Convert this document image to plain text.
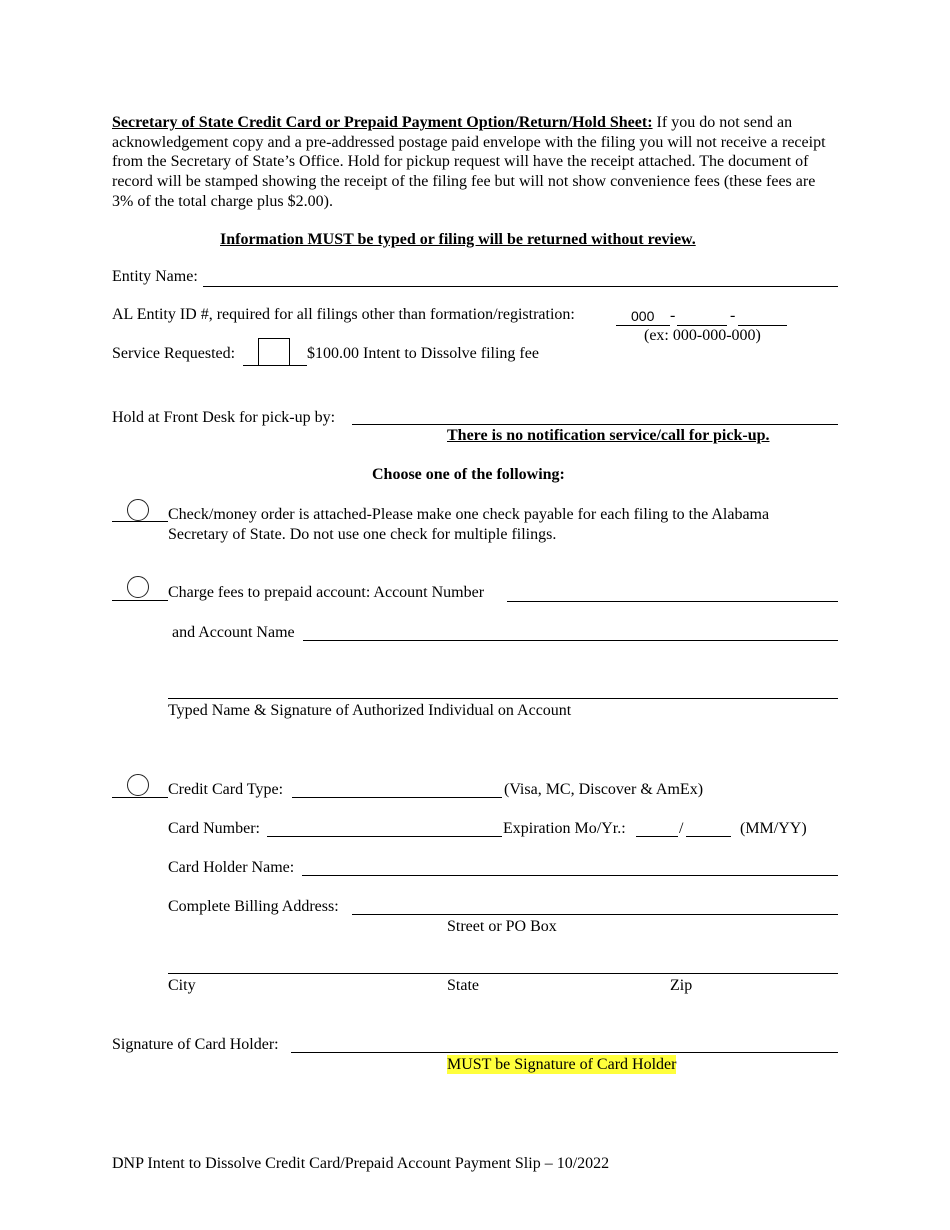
Secretary of State Credit Card or Prepaid Payment Option/Return/Hold Sheet: If you do not send an acknowledgement copy and a pre-addressed postage paid envelope with the filing you will not receive a receipt from the Secretary of State’s Office. Hold for pickup request will have the receipt attached. The document of record will be stamped showing the receipt of the filing fee but will not show convenience fees (these fees are 3% of the total charge plus $2.00).
Information MUST be typed or filing will be returned without review.
Entity Name:
AL Entity ID #, required for all filings other than formation/registration:	000 -	-
(ex: 000-000-000)
Service Requested:	$100.00 Intent to Dissolve filing fee
Hold at Front Desk for pick-up by:
There is no notification service/call for pick-up.
Choose one of the following:
Check/money order is attached-Please make one check payable for each filing to the Alabama
Secretary of State. Do not use one check for multiple filings.
Charge fees to prepaid account: Account Number
and Account Name
Typed Name & Signature of Authorized Individual on Account
Credit Card Type:	(Visa, MC, Discover & AmEx)
Card Number:	Expiration Mo/Yr.:	/	(MM/YY)
Card Holder Name:
Complete Billing Address:
Street or PO Box
City	State	Zip
Signature of Card Holder:
MUST be Signature of Card Holder
DNP Intent to Dissolve Credit Card/Prepaid Account Payment Slip – 10/2022
